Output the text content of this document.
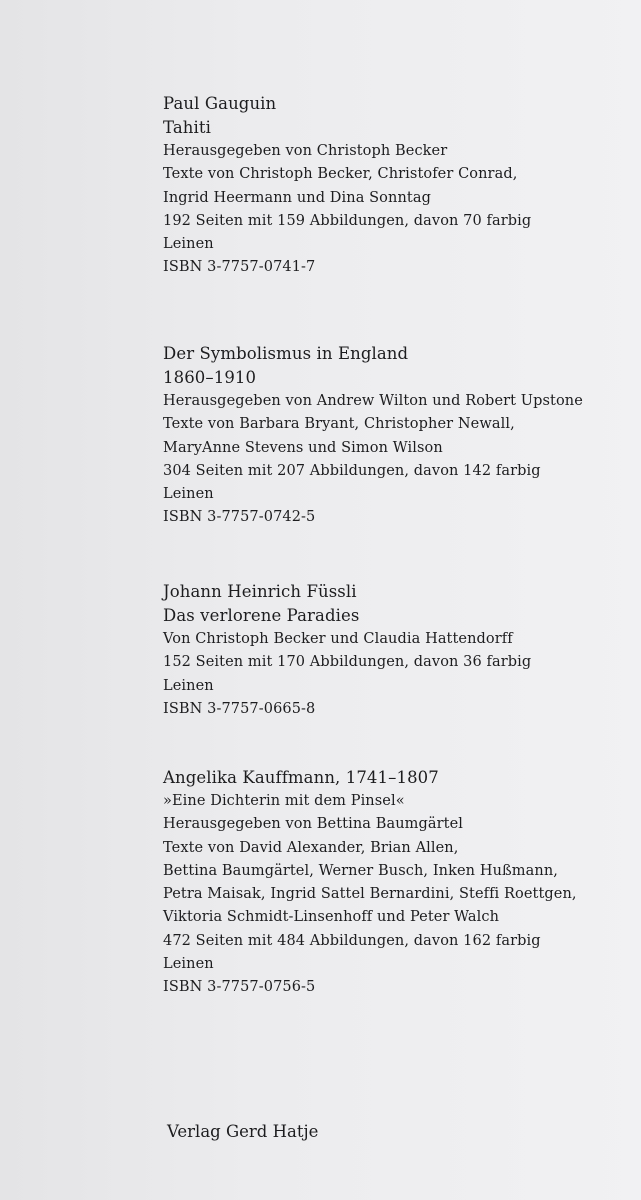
Paul Gauguin
Tahiti
Herausgegeben von Christoph Becker
Texte von Christoph Becker, Christofer Conrad,
Ingrid Heermann und Dina Sonntag
192 Seiten mit 159 Abbildungen, davon 70 farbig
Leinen
ISBN 3-7757-0741-7
Der Symbolismus in England
1860–1910
Herausgegeben von Andrew Wilton und Robert Upstone
Texte von Barbara Bryant, Christopher Newall,
MaryAnne Stevens und Simon Wilson
304 Seiten mit 207 Abbildungen, davon 142 farbig
Leinen
ISBN 3-7757-0742-5
Johann Heinrich Füssli
Das verlorene Paradies
Von Christoph Becker und Claudia Hattendorff
152 Seiten mit 170 Abbildungen, davon 36 farbig
Leinen
ISBN 3-7757-0665-8
Angelika Kauffmann, 1741–1807
»Eine Dichterin mit dem Pinsel«
Herausgegeben von Bettina Baumgärtel
Texte von David Alexander, Brian Allen,
Bettina Baumgärtel, Werner Busch, Inken Hußmann,
Petra Maisak, Ingrid Sattel Bernardini, Steffi Roettgen,
Viktoria Schmidt-Linsenhoff und Peter Walch
472 Seiten mit 484 Abbildungen, davon 162 farbig
Leinen
ISBN 3-7757-0756-5
Verlag Gerd Hatje
